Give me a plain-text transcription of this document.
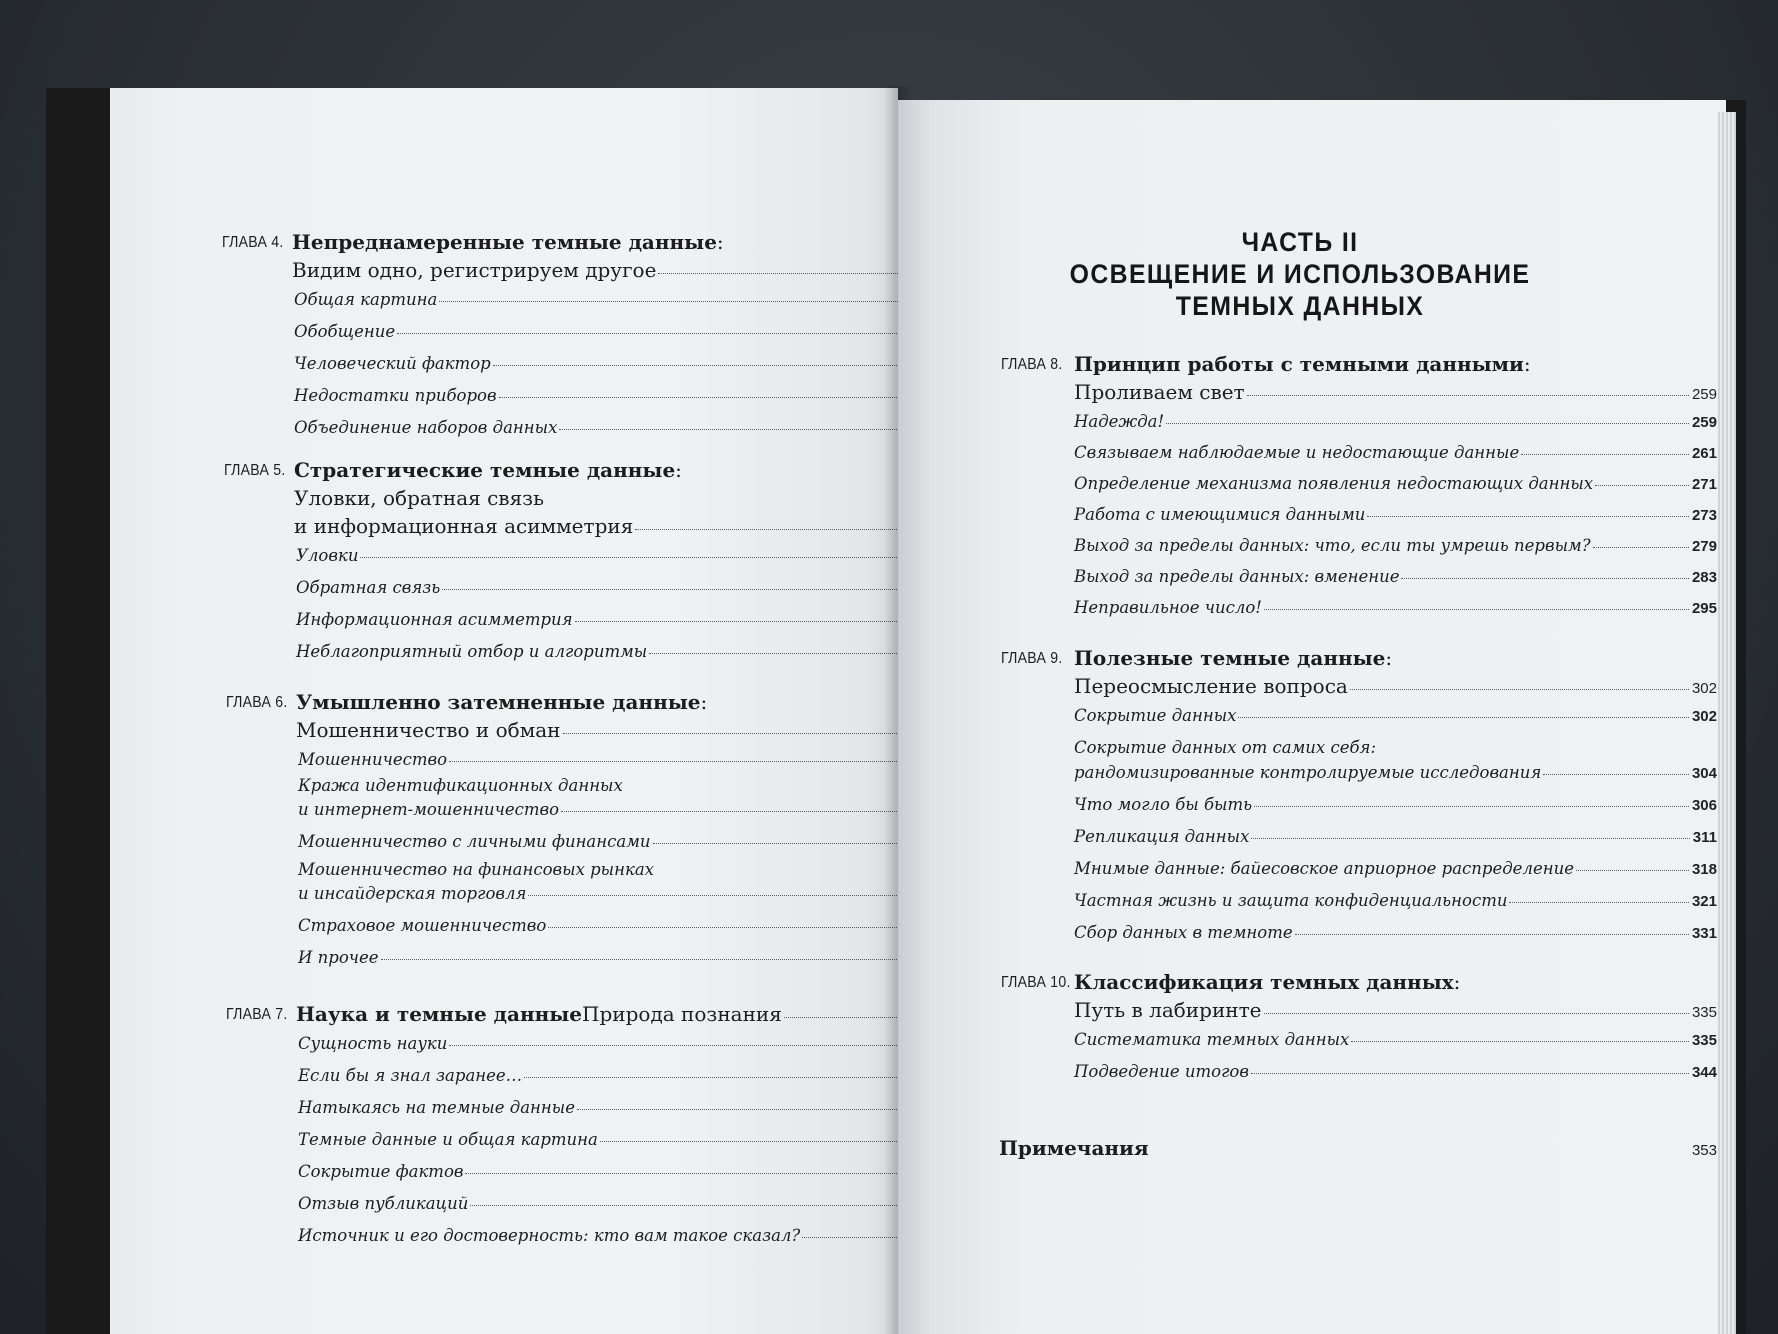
ГЛАВА 4. Непреднамеренные темные данные:
Видим одно, регистрируем другое
Общая картина
Обобщение
Человеческий фактор
Недостатки приборов
Объединение наборов данных
ГЛАВА 5. Стратегические темные данные:
Уловки, обратная связь
и информационная асимметрия
Уловки
Обратная связь
Информационная асимметрия
Неблагоприятный отбор и алгоритмы
ГЛАВА 6. Умышленно затемненные данные:
Мошенничество и обман
Мошенничество
Кража идентификационных данных
и интернет-мошенничество
Мошенничество с личными финансами
Мошенничество на финансовых рынках
и инсайдерская торговля
Страховое мошенничество
И прочее
ГЛАВА 7. Наука и темные данныеПрирода познания
Сущность науки
Если бы я знал заранее…
Натыкаясь на темные данные
Темные данные и общая картина
Сокрытие фактов
Отзыв публикаций
Источник и его достоверность: кто вам такое сказал?
ЧАСТЬ II
ОСВЕЩЕНИЕ И ИСПОЛЬЗОВАНИЕ
ТЕМНЫХ ДАННЫХ
ГЛАВА 8. Принцип работы с темными данными:
Проливаем свет	259
Надежда!	259
Связываем наблюдаемые и недостающие данные	261
Определение механизма появления недостающих данных	271
Работа с имеющимися данными	273
Выход за пределы данных: что, если ты умрешь первым?	279
Выход за пределы данных: вменение	283
Неправильное число!	295
ГЛАВА 9. Полезные темные данные:
Переосмысление вопроса	302
Сокрытие данных	302
Сокрытие данных от самих себя:
рандомизированные контролируемые исследования	304
Что могло бы быть	306
Репликация данных	311
Мнимые данные: байесовское априорное распределение	318
Частная жизнь и защита конфиденциальности	321
Сбор данных в темноте	331
ГЛАВА 10. Классификация темных данных:
Путь в лабиринте	335
Систематика темных данных	335
Подведение итогов	344
Примечания	353
